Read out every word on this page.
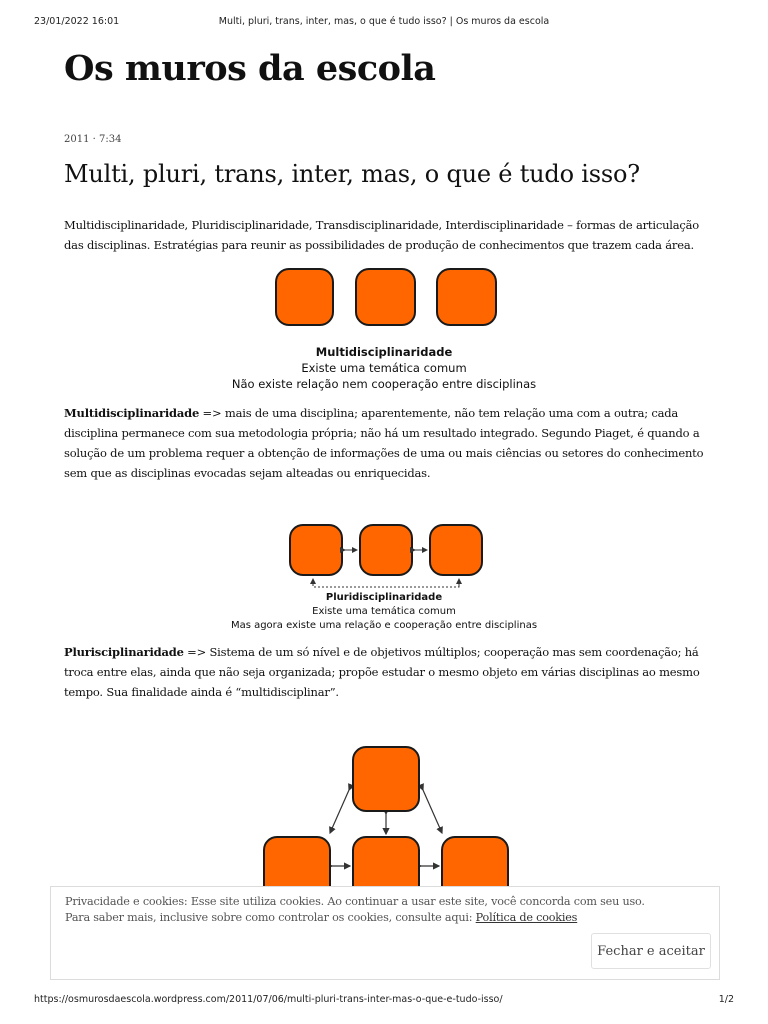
23/01/2022 16:01	Multi, pluri, trans, inter, mas, o que é tudo isso? | Os muros da escola
Os muros da escola
2011 · 7:34
Multi, pluri, trans, inter, mas, o que é tudo isso?

Multidisciplinaridade, Pluridisciplinaridade, Transdisciplinaridade, Interdisciplinaridade – formas de articulação das disciplinas. Estratégias para reunir as possibilidades de produção de conhecimentos que trazem cada área.

Multidisciplinaridade
Existe uma temática comum
Não existe relação nem cooperação entre disciplinas

Multidisciplinaridade => mais de uma disciplina; aparentemente, não tem relação uma com a outra; cada disciplina permanece com sua metodologia própria; não há um resultado integrado. Segundo Piaget, é quando a solução de um problema requer a obtenção de informações de uma ou mais ciências ou setores do conhecimento sem que as disciplinas evocadas sejam alteadas ou enriquecidas.

Pluridisciplinaridade
Existe uma temática comum
Mas agora existe uma relação e cooperação entre disciplinas

Plurisciplinaridade => Sistema de um só nível e de objetivos múltiplos; cooperação mas sem coordenação; há troca entre elas, ainda que não seja organizada; propõe estudar o mesmo objeto em várias disciplinas ao mesmo tempo. Sua finalidade ainda é “multidisciplinar”.

Privacidade e cookies: Esse site utiliza cookies. Ao continuar a usar este site, você concorda com seu uso.
Para saber mais, inclusive sobre como controlar os cookies, consulte aqui: Política de cookies
Fechar e aceitar
https://osmurosdaescola.wordpress.com/2011/07/06/multi-pluri-trans-inter-mas-o-que-e-tudo-isso/	1/2
